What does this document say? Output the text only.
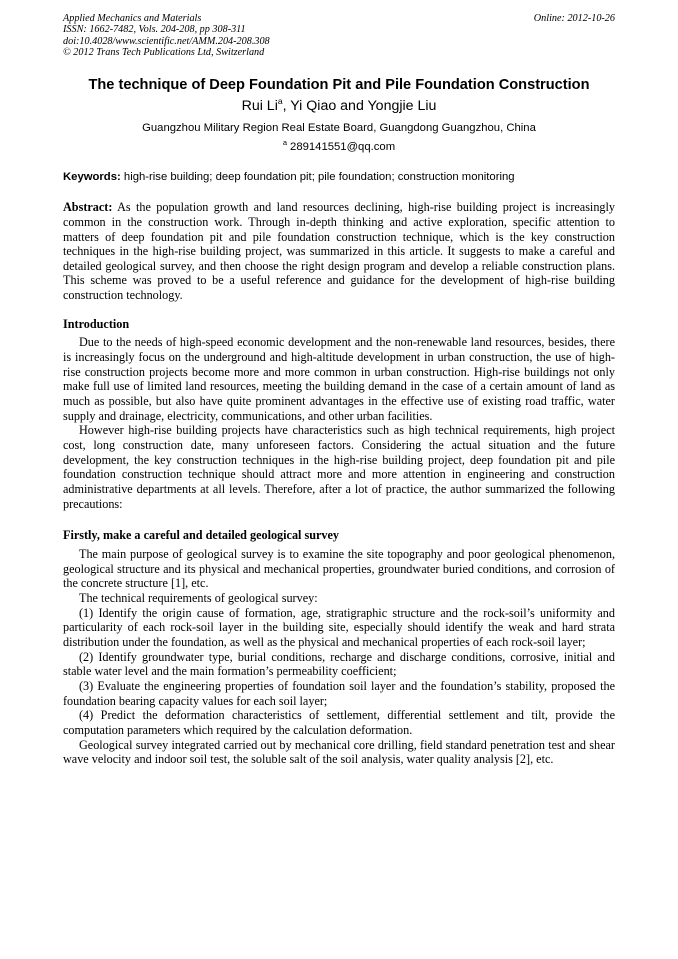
Applied Mechanics and Materials
ISSN: 1662-7482, Vols. 204-208, pp 308-311
doi:10.4028/www.scientific.net/AMM.204-208.308
© 2012 Trans Tech Publications Ltd, Switzerland
Online: 2012-10-26
The technique of Deep Foundation Pit and Pile Foundation Construction
Rui Li$^a$, Yi Qiao and Yongjie Liu
Guangzhou Military Region Real Estate Board, Guangdong Guangzhou, China
$^a$ 289141551@qq.com
Keywords: high-rise building; deep foundation pit; pile foundation; construction monitoring

Abstract: As the population growth and land resources declining, high-rise building project is increasingly common in the construction work. Through in-depth thinking and active exploration, specific attention to matters of deep foundation pit and pile foundation construction technique, which is the key construction techniques in the high-rise building project, was summarized in this article. It suggests to make a careful and detailed geological survey, and then choose the right design program and develop a reliable construction plans. This scheme was proved to be a useful reference and guidance for the development of high-rise building construction technology.

Introduction

Due to the needs of high-speed economic development and the non-renewable land resources, besides, there is increasingly focus on the underground and high-altitude development in urban construction, the use of high-rise construction projects become more and more common in urban construction. High-rise buildings not only make full use of limited land resources, meeting the building demand in the case of a certain amount of land as much as possible, but also have quite prominent advantages in the effective use of existing road traffic, water supply and drainage, electricity, communications, and other urban facilities.

However high-rise building projects have characteristics such as high technical requirements, high project cost, long construction date, many unforeseen factors. Considering the actual situation and the future development, the key construction techniques in the high-rise building project, deep foundation pit and pile foundation construction technique should attract more and more attention in engineering and construction administrative departments at all levels. Therefore, after a lot of practice, the author summarized the following precautions:

Firstly, make a careful and detailed geological survey

The main purpose of geological survey is to examine the site topography and poor geological phenomenon, geological structure and its physical and mechanical properties, groundwater buried conditions, and corrosion of the concrete structure [1], etc.

The technical requirements of geological survey:

(1) Identify the origin cause of formation, age, stratigraphic structure and the rock-soil’s uniformity and particularity of each rock-soil layer in the building site, especially should identify the weak and hard strata distribution under the foundation, as well as the physical and mechanical properties of each rock-soil layer;

(2) Identify groundwater type, burial conditions, recharge and discharge conditions, corrosive, initial and stable water level and the main formation’s permeability coefficient;

(3) Evaluate the engineering properties of foundation soil layer and the foundation’s stability, proposed the foundation bearing capacity values for each soil layer;

(4) Predict the deformation characteristics of settlement, differential settlement and tilt, provide the computation parameters which required by the calculation deformation.

Geological survey integrated carried out by mechanical core drilling, field standard penetration test and shear wave velocity and indoor soil test, the soluble salt of the soil analysis, water quality analysis [2], etc.
